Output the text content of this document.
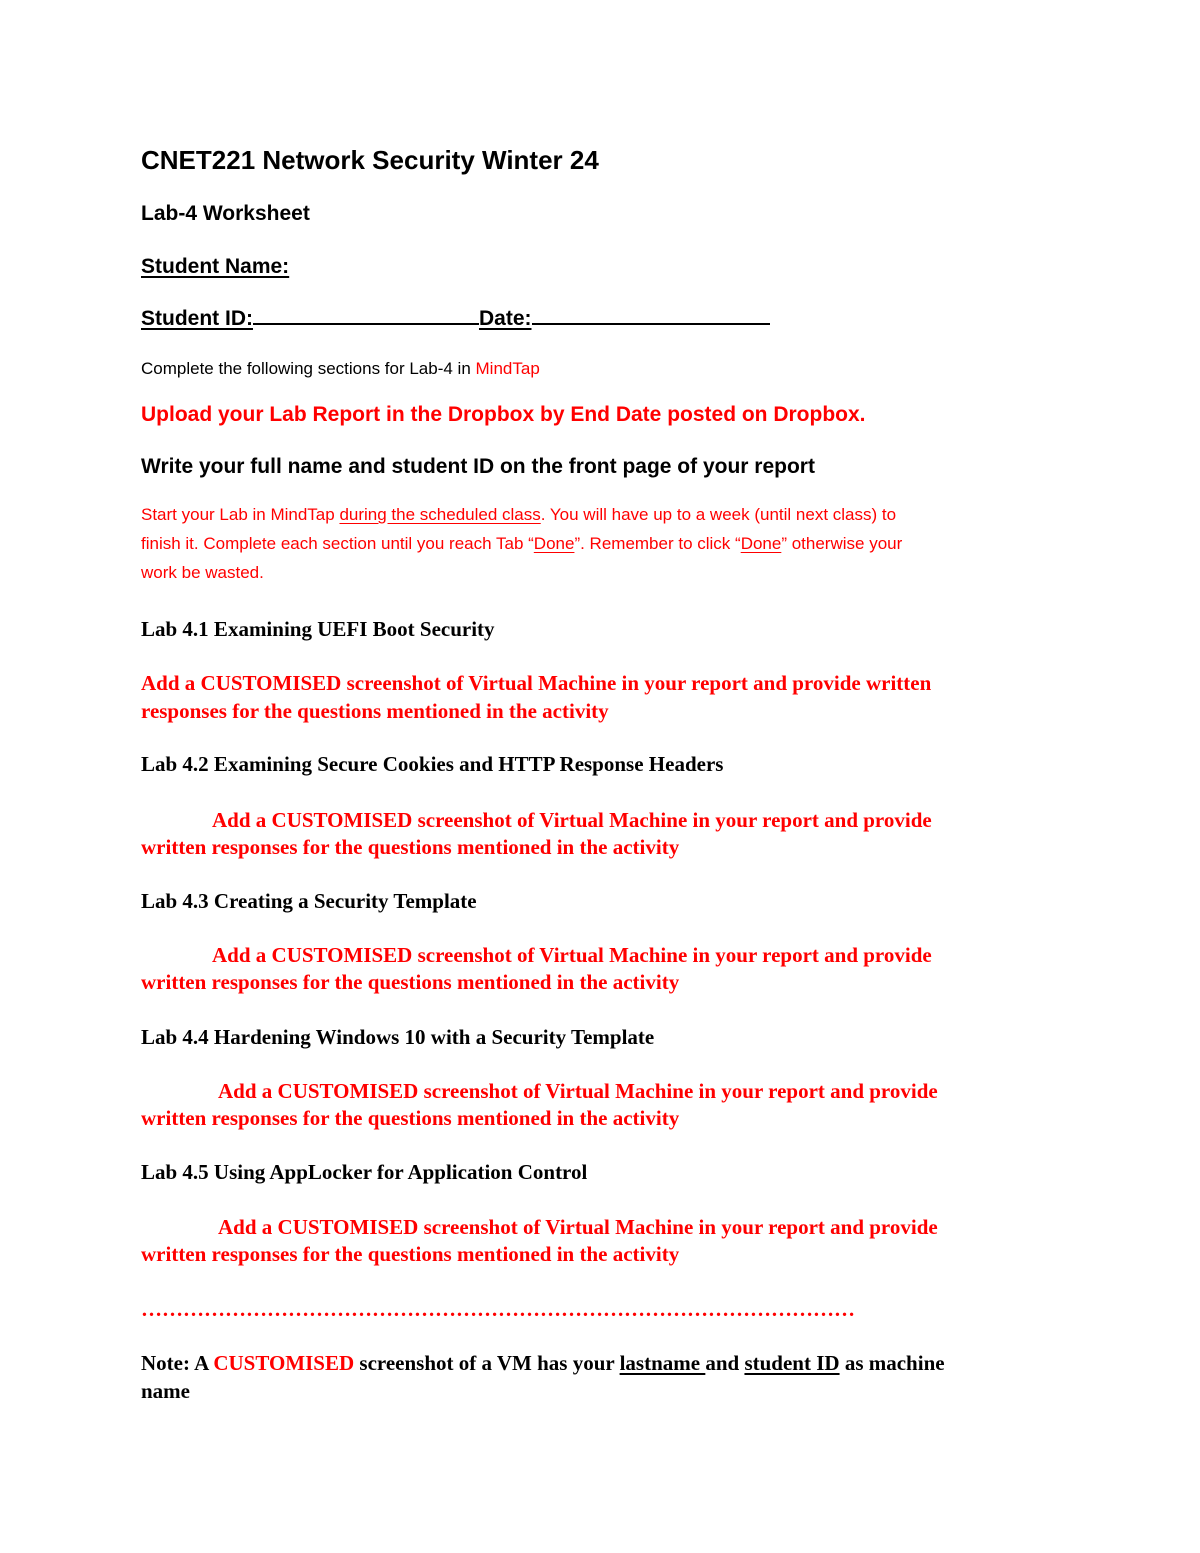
CNET221 Network Security Winter 24
Lab-4 Worksheet
Student Name:
Student ID:	Date:
Complete the following sections for Lab-4 in MindTap
Upload your Lab Report in the Dropbox by End Date posted on Dropbox.
Write your full name and student ID on the front page of your report
Start your Lab in MindTap during the scheduled class. You will have up to a week (until next class) to
finish it. Complete each section until you reach Tab “Done”. Remember to click “Done” otherwise your
work be wasted.
Lab 4.1 Examining UEFI Boot Security
Add a CUSTOMISED screenshot of Virtual Machine in your report and provide written
responses for the questions mentioned in the activity
Lab 4.2 Examining Secure Cookies and HTTP Response Headers
Add a CUSTOMISED screenshot of Virtual Machine in your report and provide
written responses for the questions mentioned in the activity
Lab 4.3 Creating a Security Template
Add a CUSTOMISED screenshot of Virtual Machine in your report and provide
written responses for the questions mentioned in the activity
Lab 4.4 Hardening Windows 10 with a Security Template
Add a CUSTOMISED screenshot of Virtual Machine in your report and provide
written responses for the questions mentioned in the activity
Lab 4.5 Using AppLocker for Application Control
Add a CUSTOMISED screenshot of Virtual Machine in your report and provide
written responses for the questions mentioned in the activity
…………………………………………………………………………………………
Note: A CUSTOMISED screenshot of a VM has your lastname and student ID as machine
name
